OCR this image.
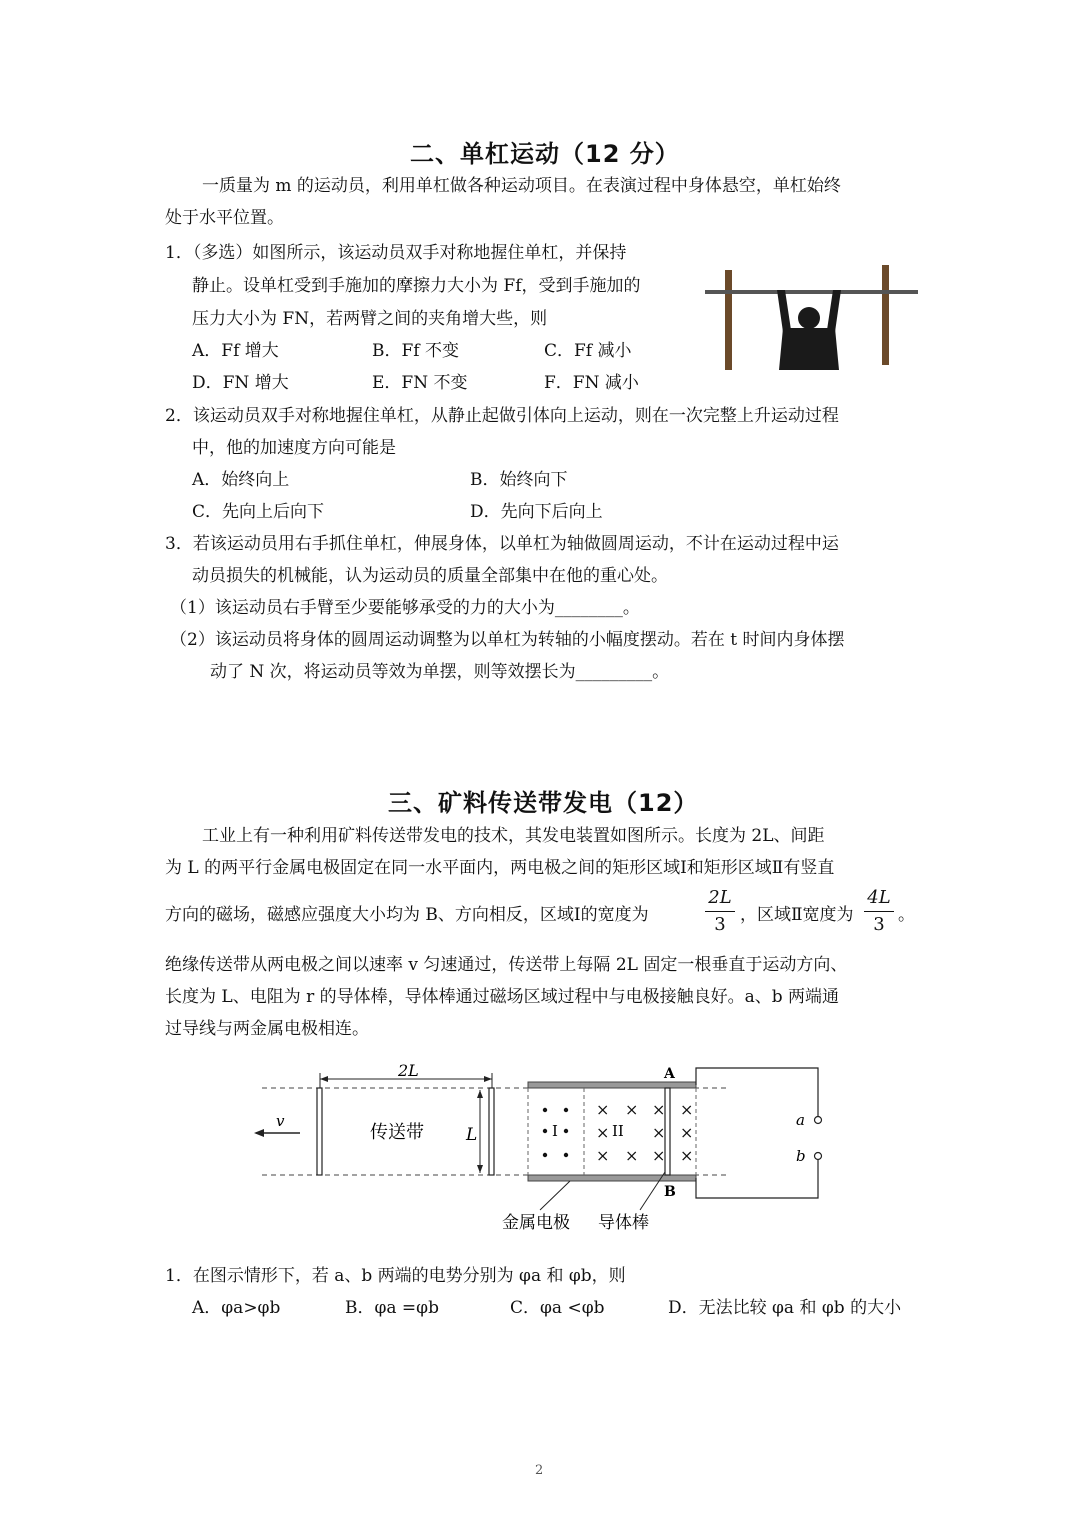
二、单杠运动（12 分）
一质量为 m 的运动员，利用单杠做各种运动项目。在表演过程中身体悬空，单杠始终
处于水平位置。
1．（多选）如图所示，该运动员双手对称地握住单杠，并保持
静止。设单杠受到手施加的摩擦力大小为 Ff，受到手施加的
压力大小为 FN，若两臂之间的夹角增大些，则
A．Ff 增大	B．Ff 不变	C．Ff 减小
D．FN 增大	E．FN 不变	F．FN 减小
2．该运动员双手对称地握住单杠，从静止起做引体向上运动，则在一次完整上升运动过程
中，他的加速度方向可能是
A．始终向上	B．始终向下
C．先向上后向下	D．先向下后向上
3．若该运动员用右手抓住单杠，伸展身体，以单杠为轴做圆周运动，不计在运动过程中运
动员损失的机械能，认为运动员的质量全部集中在他的重心处。
（1）该运动员右手臂至少要能够承受的力的大小为________。
（2）该运动员将身体的圆周运动调整为以单杠为转轴的小幅度摆动。若在 t 时间内身体摆
动了 N 次，将运动员等效为单摆，则等效摆长为_________。
三、矿料传送带发电（12）
工业上有一种利用矿料传送带发电的技术，其发电装置如图所示。长度为 2L、间距
为 L 的两平行金属电极固定在同一水平面内，两电极之间的矩形区域Ⅰ和矩形区域Ⅱ有竖直
方向的磁场，磁感应强度大小均为 B、方向相反，区域Ⅰ的宽度为
2L
3 ，区域Ⅱ宽度为
4L
3 。
绝缘传送带从两电极之间以速率 v 匀速通过，传送带上每隔 2L 固定一根垂直于运动方向、
长度为 L、电阻为 r 的导体棒，导体棒通过磁场区域过程中与电极接触良好。a、b 两端通
过导线与两金属电极相连。
2L
v
传送带 L	I
× × × ×
×	× ×
× × × ×
II
A
B
a
b
金属电极 导体棒
1．在图示情形下，若 a、b 两端的电势分别为 φa 和 φb，则
A．φa>φb	B．φa =φb	C．φa <φb	D．无法比较 φa 和 φb 的大小
2
